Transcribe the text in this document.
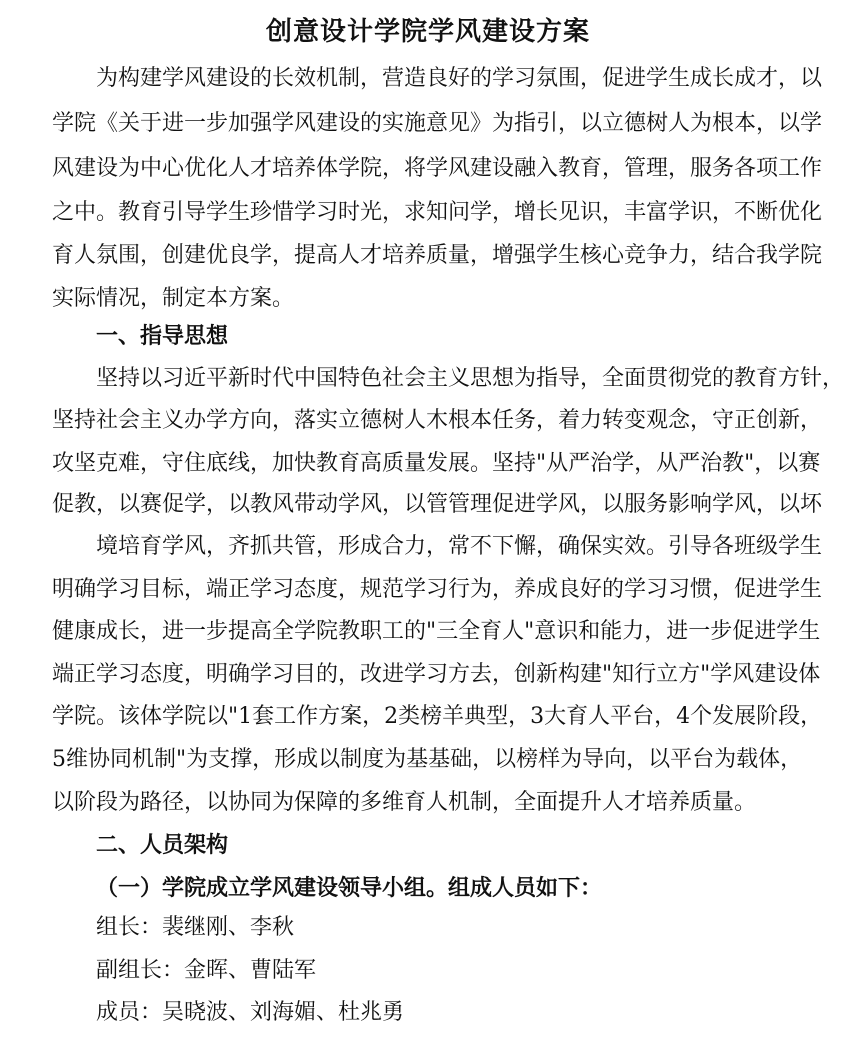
创意设计学院学风建设方案

为构建学风建设的长效机制，营造良好的学习氛围，促进学生成长成才，以

学院《关于进一步加强学风建设的实施意见》为指引，以立德树人为根本，以学

风建设为中心优化人才培养体学院，将学风建设融入教育，管理，服务各项工作

之中。教育引导学生珍惜学习时光，求知问学，增长见识，丰富学识，不断优化

育人氛围，创建优良学，提高人才培养质量，增强学生核心竞争力，结合我学院

实际情况，制定本方案。

一、指导思想

坚持以习近平新时代中国特色社会主义思想为指导，全面贯彻党的教育方针，

坚持社会主义办学方向，落实立德树人木根本任务，着力转变观念，守正创新，

攻坚克难，守住底线，加快教育高质量发展。坚持"从严治学，从严治教"，以赛

促教，以赛促学，以教风带动学风，以管管理促进学风，以服务影响学风，以坏

境培育学风，齐抓共管，形成合力，常不下懈，确保实效。引导各班级学生

明确学习目标，端正学习态度，规范学习行为，养成良好的学习习惯，促进学生

健康成长，进一步提高全学院教职工的"三全育人"意识和能力，进一步促进学生

端正学习态度，明确学习目的，改进学习方去，创新构建"知行立方"学风建设体

学院。该体学院以"1套工作方案，2类榜羊典型，3大育人平台，4个发展阶段，

5维协同机制"为支撑，形成以制度为基基础，以榜样为导向，以平台为载体，

以阶段为路径，以协同为保障的多维育人机制，全面提升人才培养质量。

二、人员架构

（一）学院成立学风建设领导小组。组成人员如下：

组长：裴继刚、李秋

副组长：金晖、曹陆军

成员：吴晓波、刘海媚、杜兆勇
